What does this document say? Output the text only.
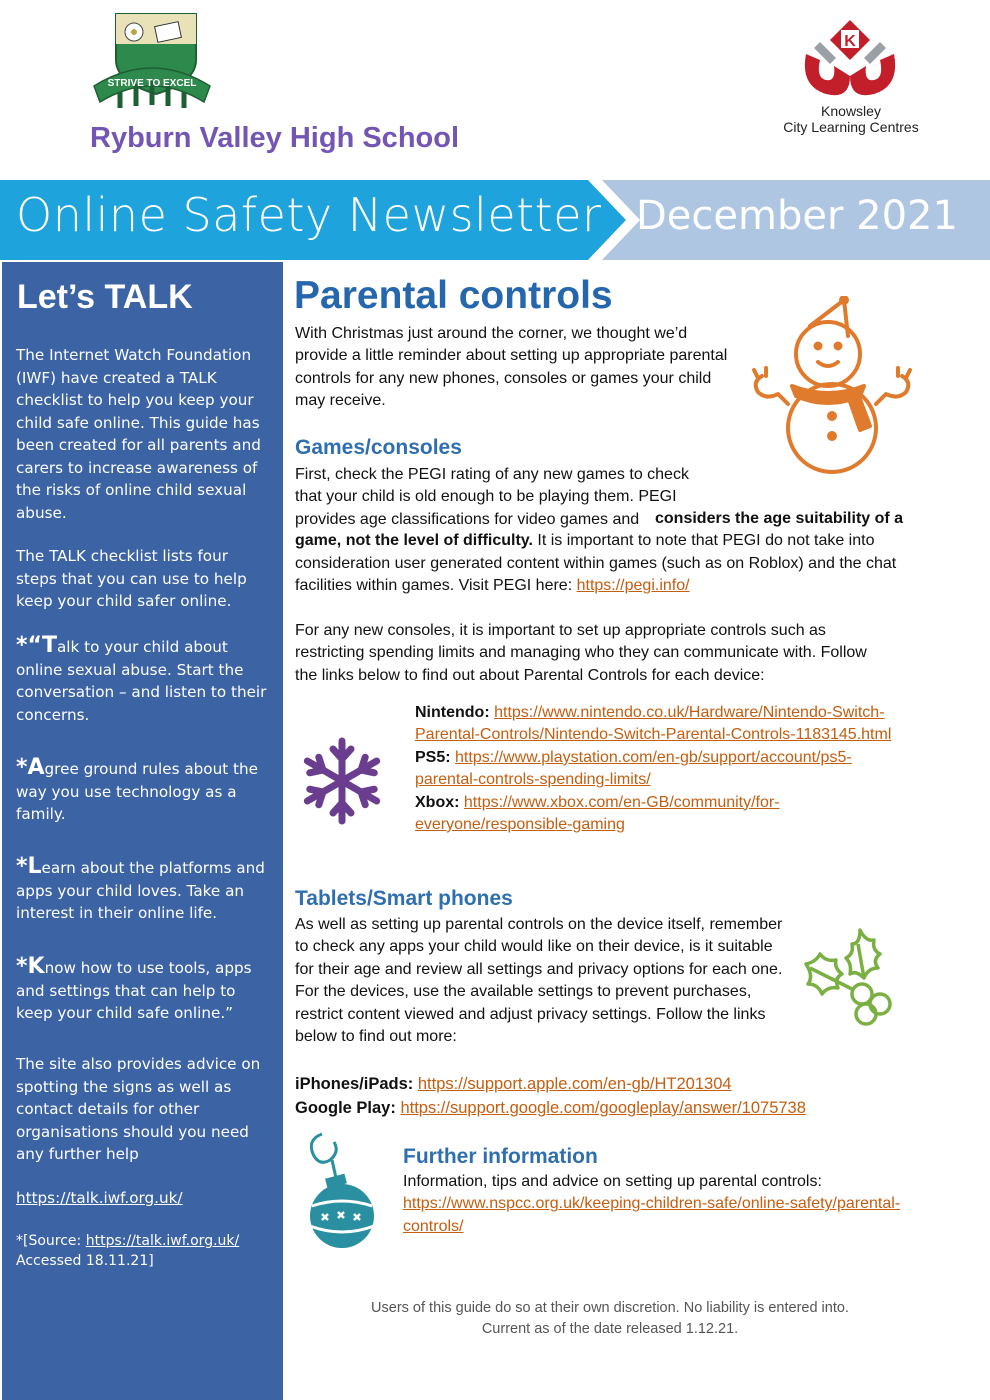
STRIVE TO EXCEL
Ryburn Valley High School
K
Knowsley
City Learning Centres
Online Safety Newsletter December 2021
Let’s TALK
The Internet Watch Foundation (IWF) have created a TALK checklist to help you keep your child safe online. This guide has been created for all parents and carers to increase awareness of the risks of online child sexual abuse.
The TALK checklist lists four steps that you can use to help keep your child safer online.
*“Talk to your child about online sexual abuse. Start the conversation – and listen to their concerns.
*Agree ground rules about the way you use technology as a family.
*Learn about the platforms and apps your child loves. Take an interest in their online life.
*Know how to use tools, apps and settings that can help to keep your child safe online.”
The site also provides advice on spotting the signs as well as contact details for other organisations should you need any further help
https://talk.iwf.org.uk/
*[Source: https://talk.iwf.org.uk/
Accessed 18.11.21]
Parental controls
With Christmas just around the corner, we thought we’d provide a little reminder about setting up appropriate parental controls for any new phones, consoles or games your child may receive.
Games/consoles
First, check the PEGI rating of any new games to check that your child is old enough to be playing them. PEGI provides age classifications for video games and considers the age suitability of a game, not the level of difficulty. It is important to note that PEGI do not take into consideration user generated content within games (such as on Roblox) and the chat facilities within games. Visit PEGI here: https://pegi.info/
For any new consoles, it is important to set up appropriate controls such as restricting spending limits and managing who they can communicate with. Follow the links below to find out about Parental Controls for each device:
Nintendo: https://www.nintendo.co.uk/Hardware/Nintendo-Switch-Parental-Controls/Nintendo-Switch-Parental-Controls-1183145.html
PS5: https://www.playstation.com/en-gb/support/account/ps5-parental-controls-spending-limits/
Xbox: https://www.xbox.com/en-GB/community/for-everyone/responsible-gaming
Tablets/Smart phones
As well as setting up parental controls on the device itself, remember to check any apps your child would like on their device, is it suitable for their age and review all settings and privacy options for each one. For the devices, use the available settings to prevent purchases, restrict content viewed and adjust privacy settings. Follow the links below to find out more:
iPhones/iPads: https://support.apple.com/en-gb/HT201304
Google Play: https://support.google.com/googleplay/answer/1075738
Further information
Information, tips and advice on setting up parental controls:
https://www.nspcc.org.uk/keeping-children-safe/online-safety/parental-controls/
Users of this guide do so at their own discretion. No liability is entered into.
Current as of the date released 1.12.21.
